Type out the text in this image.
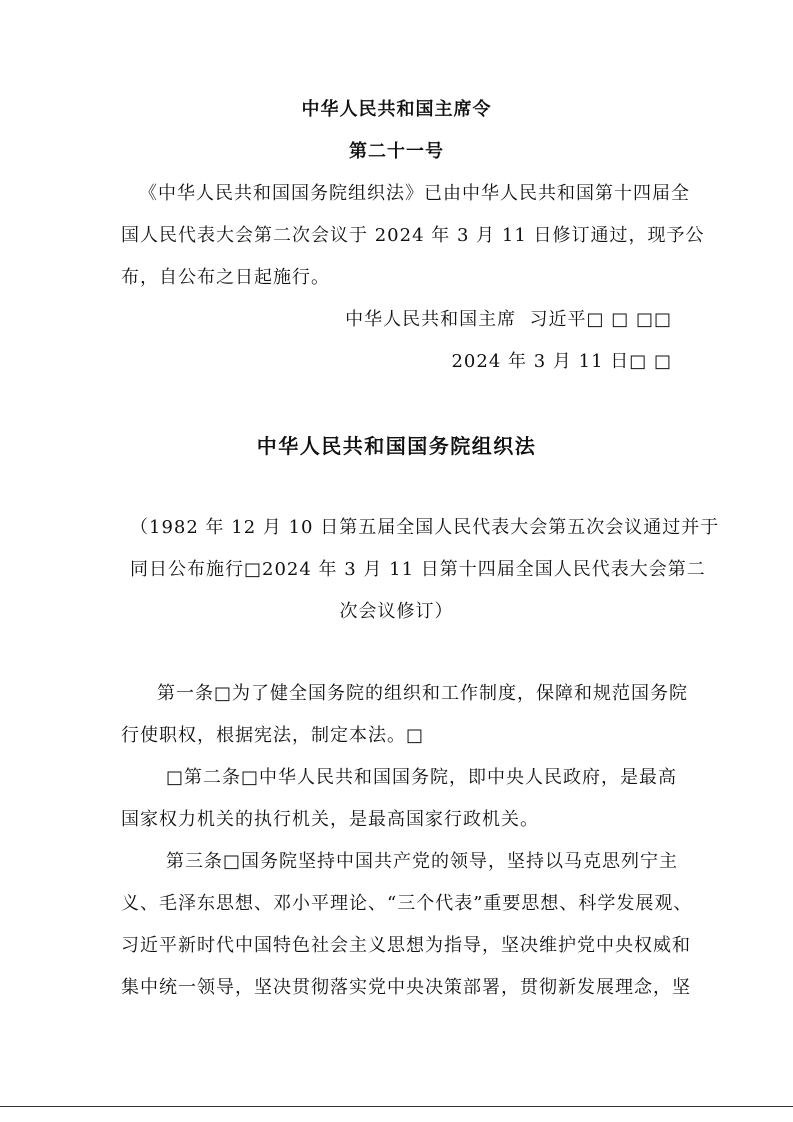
中华人民共和国主席令
第二十一号
《中华人民共和国国务院组织法》已由中华人民共和国第十四届全
国人民代表大会第二次会议于 2024 年 3 月 11 日修订通过，现予公
布，自公布之日起施行。
中华人民共和国主席  习近平□ □ □□
2024 年 3 月 11 日□ □
中华人民共和国国务院组织法
（1982 年 12 月 10 日第五届全国人民代表大会第五次会议通过并于
同日公布施行□2024 年 3 月 11 日第十四届全国人民代表大会第二
次会议修订）
第一条□为了健全国务院的组织和工作制度，保障和规范国务院
行使职权，根据宪法，制定本法。□
□第二条□中华人民共和国国务院，即中央人民政府，是最高
国家权力机关的执行机关，是最高国家行政机关。
第三条□国务院坚持中国共产党的领导，坚持以马克思列宁主
义、毛泽东思想、邓小平理论、“三个代表”重要思想、科学发展观、
习近平新时代中国特色社会主义思想为指导，坚决维护党中央权威和
集中统一领导，坚决贯彻落实党中央决策部署，贯彻新发展理念，坚
